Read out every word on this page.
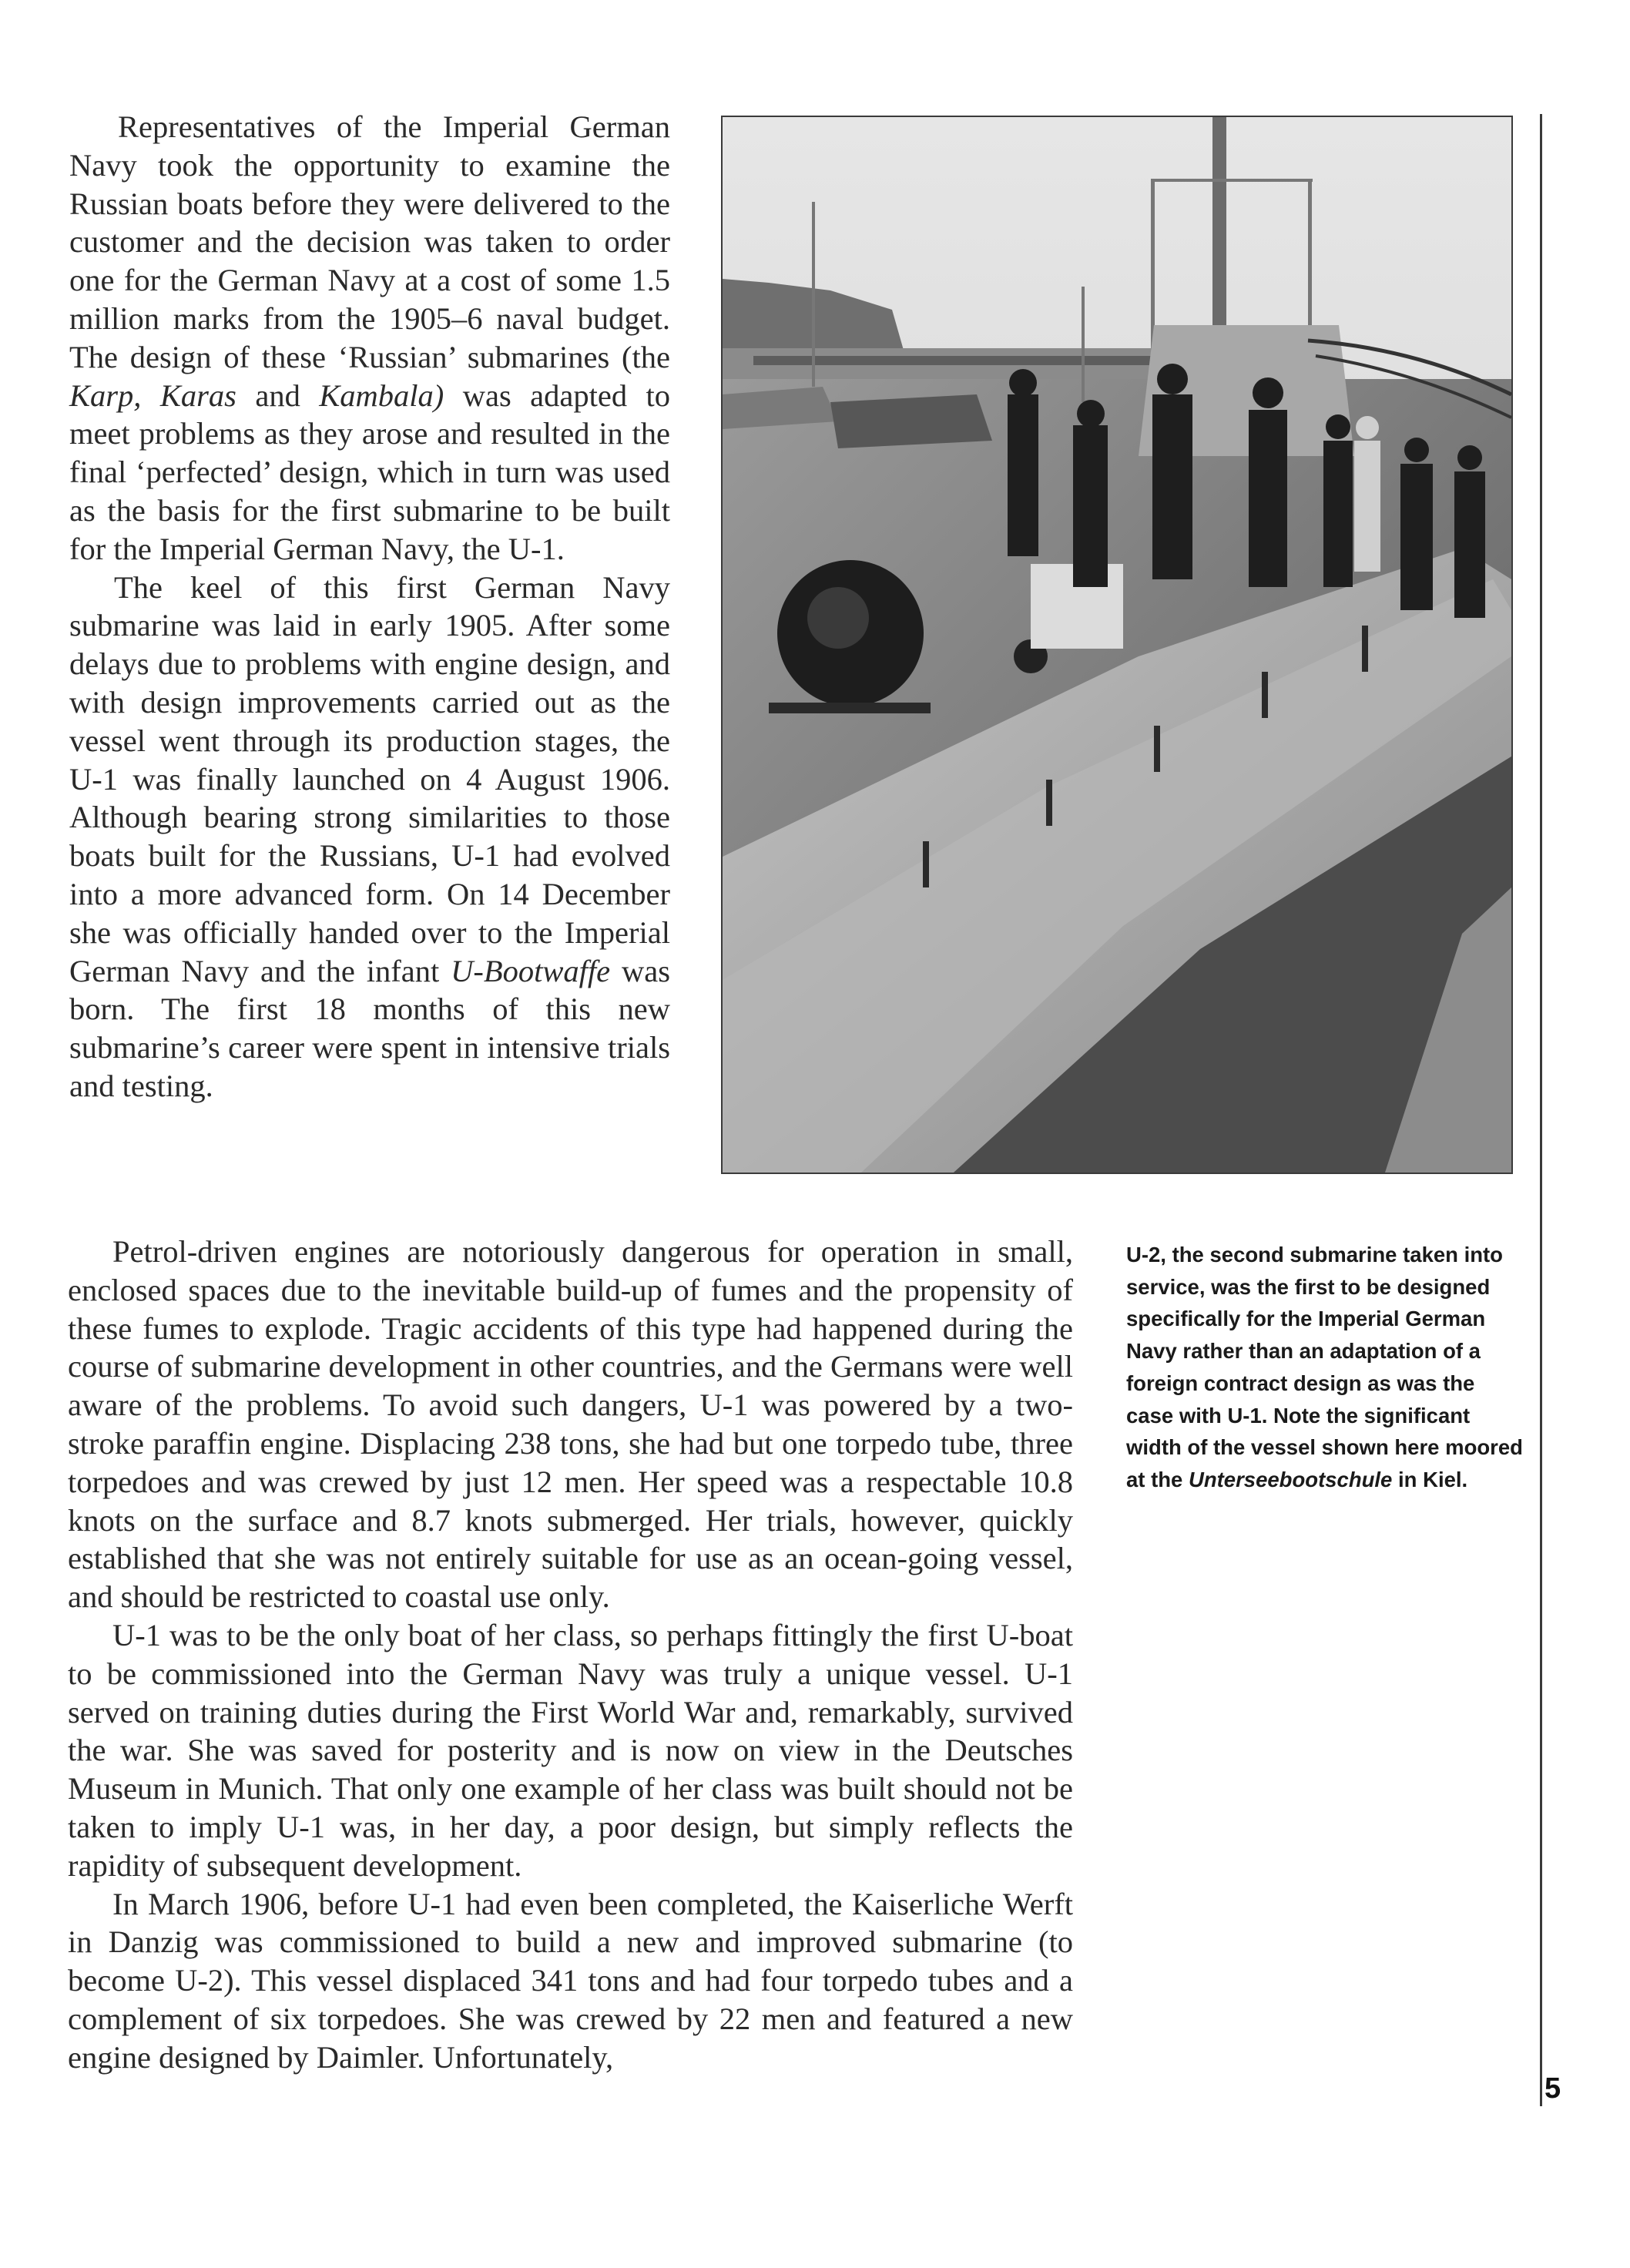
Representatives of the Imperial German Navy took the opportunity to examine the Russian boats before they were delivered to the customer and the decision was taken to order one for the German Navy at a cost of some 1.5 million marks from the 1905–6 naval budget. The design of these ‘Russian’ submarines (the Karp, Karas and Kambala) was adapted to meet problems as they arose and resulted in the final ‘perfected’ design, which in turn was used as the basis for the first submarine to be built for the Imperial German Navy, the U-1.

The keel of this first German Navy submarine was laid in early 1905. After some delays due to problems with engine design, and with design improvements carried out as the vessel went through its production stages, the U-1 was finally launched on 4 August 1906. Although bearing strong similarities to those boats built for the Russians, U-1 had evolved into a more advanced form. On 14 December she was officially handed over to the Imperial German Navy and the infant U-Bootwaffe was born. The first 18 months of this new submarine’s career were spent in intensive trials and testing.

U-2, the second submarine taken into service, was the first to be designed specifically for the Imperial German Navy rather than an adaptation of a foreign contract design as was the case with U-1. Note the significant width of the vessel shown here moored at the Unterseebootschule in Kiel.

Petrol-driven engines are notoriously dangerous for operation in small, enclosed spaces due to the inevitable build-up of fumes and the propensity of these fumes to explode. Tragic accidents of this type had happened during the course of submarine development in other countries, and the Germans were well aware of the problems. To avoid such dangers, U-1 was powered by a two-stroke paraffin engine. Displacing 238 tons, she had but one torpedo tube, three torpedoes and was crewed by just 12 men. Her speed was a respectable 10.8 knots on the surface and 8.7 knots submerged. Her trials, however, quickly established that she was not entirely suitable for use as an ocean-going vessel, and should be restricted to coastal use only.

U-1 was to be the only boat of her class, so perhaps fittingly the first U-boat to be commissioned into the German Navy was truly a unique vessel. U-1 served on training duties during the First World War and, remarkably, survived the war. She was saved for posterity and is now on view in the Deutsches Museum in Munich. That only one example of her class was built should not be taken to imply U-1 was, in her day, a poor design, but simply reflects the rapidity of subsequent development.

In March 1906, before U-1 had even been completed, the Kaiserliche Werft in Danzig was commissioned to build a new and improved submarine (to become U-2). This vessel displaced 341 tons and had four torpedo tubes and a complement of six torpedoes. She was crewed by 22 men and featured a new engine designed by Daimler. Unfortunately,

5
